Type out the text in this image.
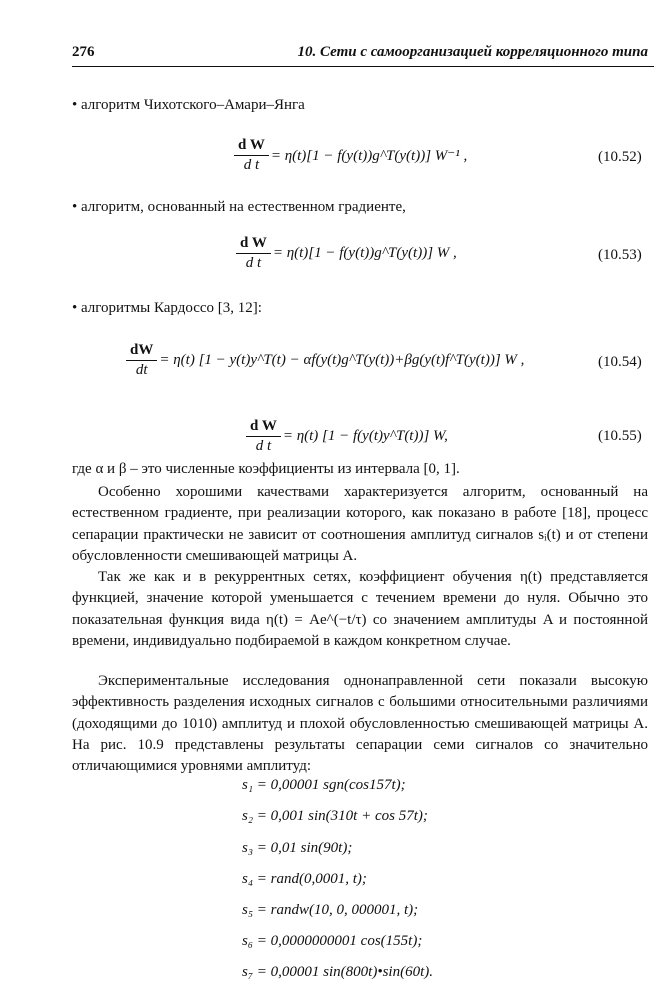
276	10. Сети с самоорганизацией корреляционного типа
• алгоритм Чихотского–Амари–Янга
$\frac{\text{d W}}{\text{d t}} = \eta(t)[1$ − f(y(t))g^T(y(t))] W⁻¹ ,	(10.52)
• алгоритм, основанный на естественном градиенте,
$\frac{\text{d W}}{\text{d t}} = \eta(t)[1$ − f(y(t))g^T(y(t))] W ,	(10.53)
• алгоритмы Кардоссо [3, 12]:
$\frac{dW}{dt} = \eta(t) [1$ − y(t)y^T(t) − αf(y(t)g^T(y(t))+βg(y(t)f^T(y(t))] W ,	(10.54)
$\frac{\text{d W}}{\text{d t}} = \eta(t) [1$ − f(y(t)y^T(t))] W,	(10.55)
где α и β – это численные коэффициенты из интервала [0, 1].

Особенно хорошими качествами характеризуется алгоритм, основанный на естественном градиенте, при реализации которого, как показано в работе [18], процесс сепарации практически не зависит от соотношения амплитуд сигналов sᵢ(t) и от степени обусловленности смешивающей матрицы A.

Так же как и в рекуррентных сетях, коэффициент обучения η(t) представляется функцией, значение которой уменьшается с течением времени до нуля. Обычно это показательная функция вида η(t) = Ae^(−t/τ) со значением амплитуды A и постоянной времени, индивидуально подбираемой в каждом конкретном случае.

Экспериментальные исследования однонаправленной сети показали высокую эффективность разделения исходных сигналов с большими относительными различиями (доходящими до 1010) амплитуд и плохой обусловленностью смешивающей матрицы A. На рис. 10.9 представлены результаты сепарации семи сигналов со значительно отличающимися уровнями амплитуд:

s₁ = 0,00001 sgn(cos157t);
s₂ = 0,001 sin(310t + cos 57t);
s₃ = 0,01 sin(90t);
s₄ = rand(0,0001, t);
s₅ = randw(10, 0, 000001, t);
s₆ = 0,0000000001 cos(155t);
s₇ = 0,00001 sin(800t)•sin(60t).
